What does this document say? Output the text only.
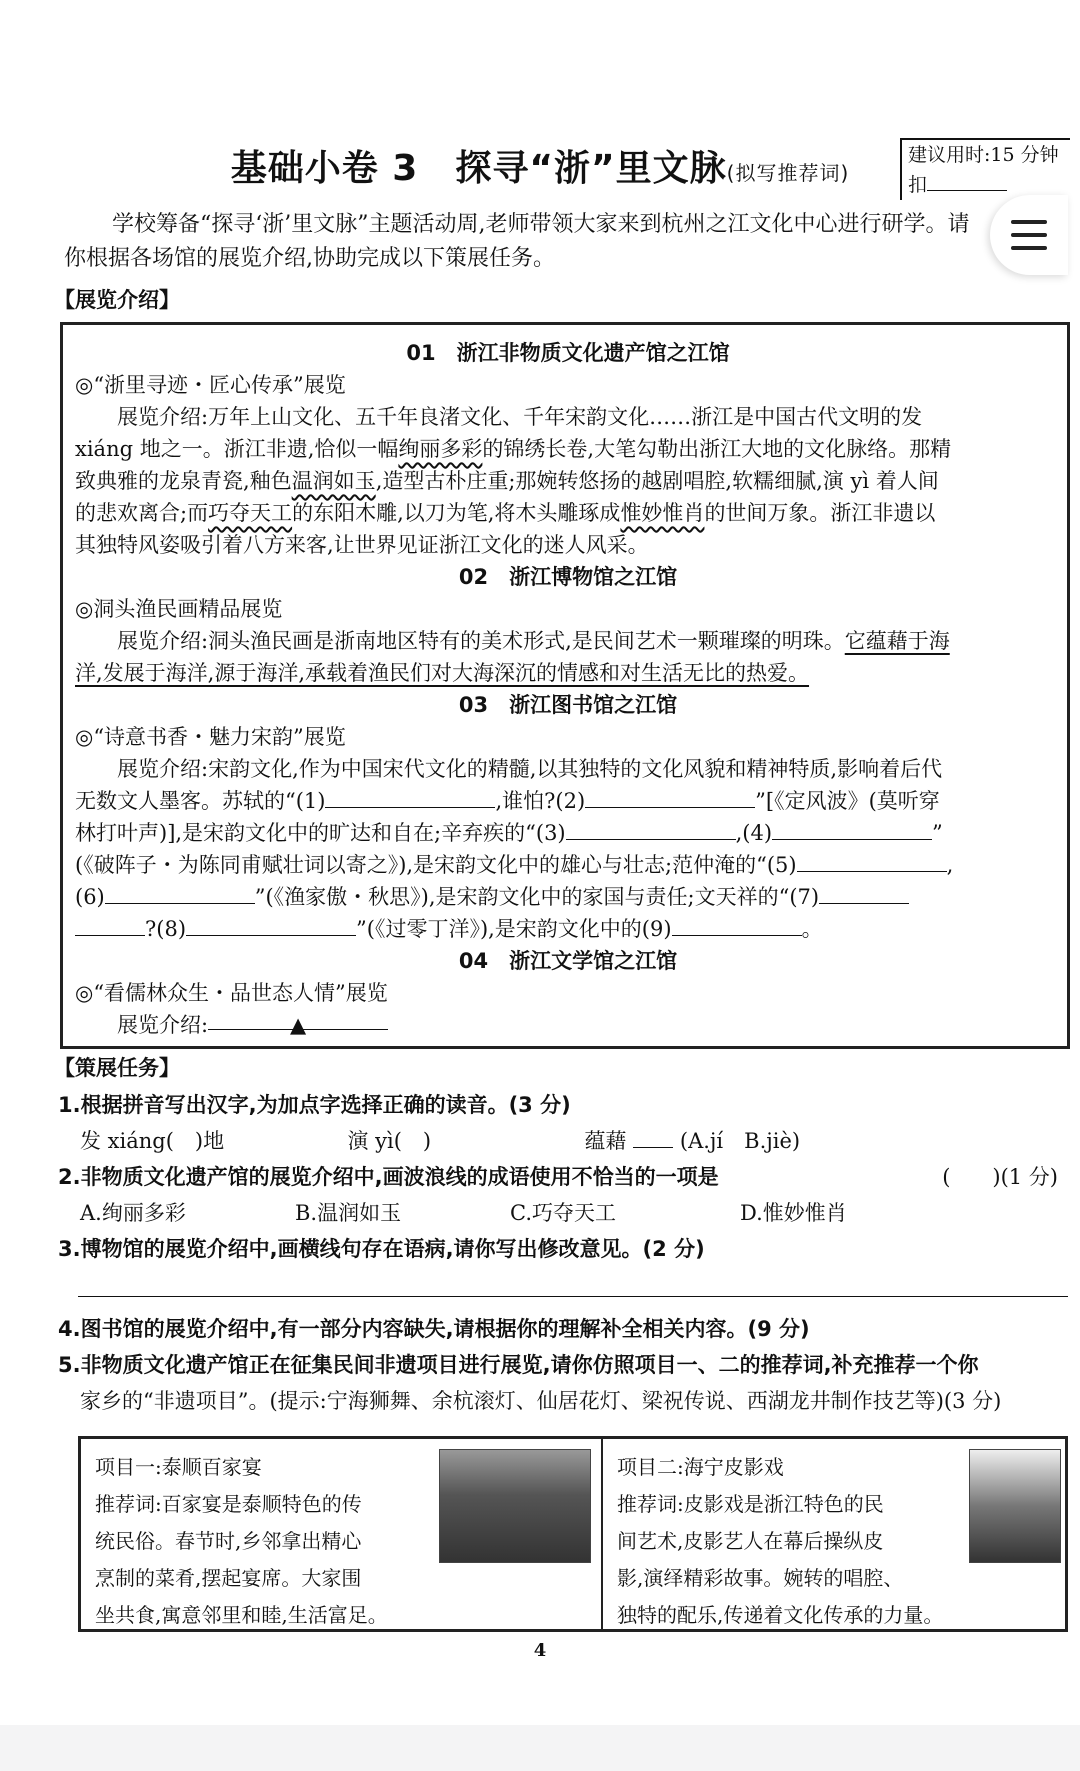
基础小卷 3　探寻“浙”里文脉(拟写推荐词)
建议用时:15 分钟
扣
学校筹备“探寻‘浙’里文脉”主题活动周,老师带领大家来到杭州之江文化中心进行研学。请你根据各场馆的展览介绍,协助完成以下策展任务。
【展览介绍】
01　浙江非物质文化遗产馆之江馆
◎“浙里寻迹・匠心传承”展览
展览介绍:万年上山文化、五千年良渚文化、千年宋韵文化……浙江是中国古代文明的发
xiáng 地之一。浙江非遗,恰似一幅绚丽多彩的锦绣长卷,大笔勾勒出浙江大地的文化脉络。那精
致典雅的龙泉青瓷,釉色温润如玉,造型古朴庄重;那婉转悠扬的越剧唱腔,软糯细腻,演 yì 着人间
的悲欢离合;而巧夺天工的东阳木雕,以刀为笔,将木头雕琢成惟妙惟肖的世间万象。浙江非遗以
其独特风姿吸引着八方来客,让世界见证浙江文化的迷人风采。
02　浙江博物馆之江馆
◎洞头渔民画精品展览
展览介绍:洞头渔民画是浙南地区特有的美术形式,是民间艺术一颗璀璨的明珠。它蕴藉于海
洋,发展于海洋,源于海洋,承载着渔民们对大海深沉的情感和对生活无比的热爱。
03　浙江图书馆之江馆
◎“诗意书香・魅力宋韵”展览
展览介绍:宋韵文化,作为中国宋代文化的精髓,以其独特的文化风貌和精神特质,影响着后代
无数文人墨客。苏轼的“(1)	,谁怕?(2)	”[《定风波》(莫听穿
林打叶声)],是宋韵文化中的旷达和自在;辛弃疾的“(3)	,(4)	”
(《破阵子・为陈同甫赋壮词以寄之》),是宋韵文化中的雄心与壮志;范仲淹的“(5)	,
(6)	”(《渔家傲・秋思》),是宋韵文化中的家国与责任;文天祥的“(7)
?(8)	”(《过零丁洋》),是宋韵文化中的(9)	。
04　浙江文学馆之江馆
◎“看儒林众生・品世态人情”展览
展览介绍:	▲
【策展任务】
1.根据拼音写出汉字,为加点字选择正确的读音。(3 分)
发 xiáng(　)地	演 yì(　)	蕴藉	(A.jí　B.jiè)
2.非物质文化遗产馆的展览介绍中,画波浪线的成语使用不恰当的一项是	(　　)(1 分)
A.绚丽多彩	B.温润如玉	C.巧夺天工	D.惟妙惟肖
3.博物馆的展览介绍中,画横线句存在语病,请你写出修改意见。(2 分)
4.图书馆的展览介绍中,有一部分内容缺失,请根据你的理解补全相关内容。(9 分)
5.非物质文化遗产馆正在征集民间非遗项目进行展览,请你仿照项目一、二的推荐词,补充推荐一个你
家乡的“非遗项目”。(提示:宁海狮舞、余杭滚灯、仙居花灯、梁祝传说、西湖龙井制作技艺等)(3 分)
项目一:泰顺百家宴
推荐词:百家宴是泰顺特色的传
统民俗。春节时,乡邻拿出精心
烹制的菜肴,摆起宴席。大家围
坐共食,寓意邻里和睦,生活富足。
项目二:海宁皮影戏
推荐词:皮影戏是浙江特色的民
间艺术,皮影艺人在幕后操纵皮
影,演绎精彩故事。婉转的唱腔、
独特的配乐,传递着文化传承的力量。
4
